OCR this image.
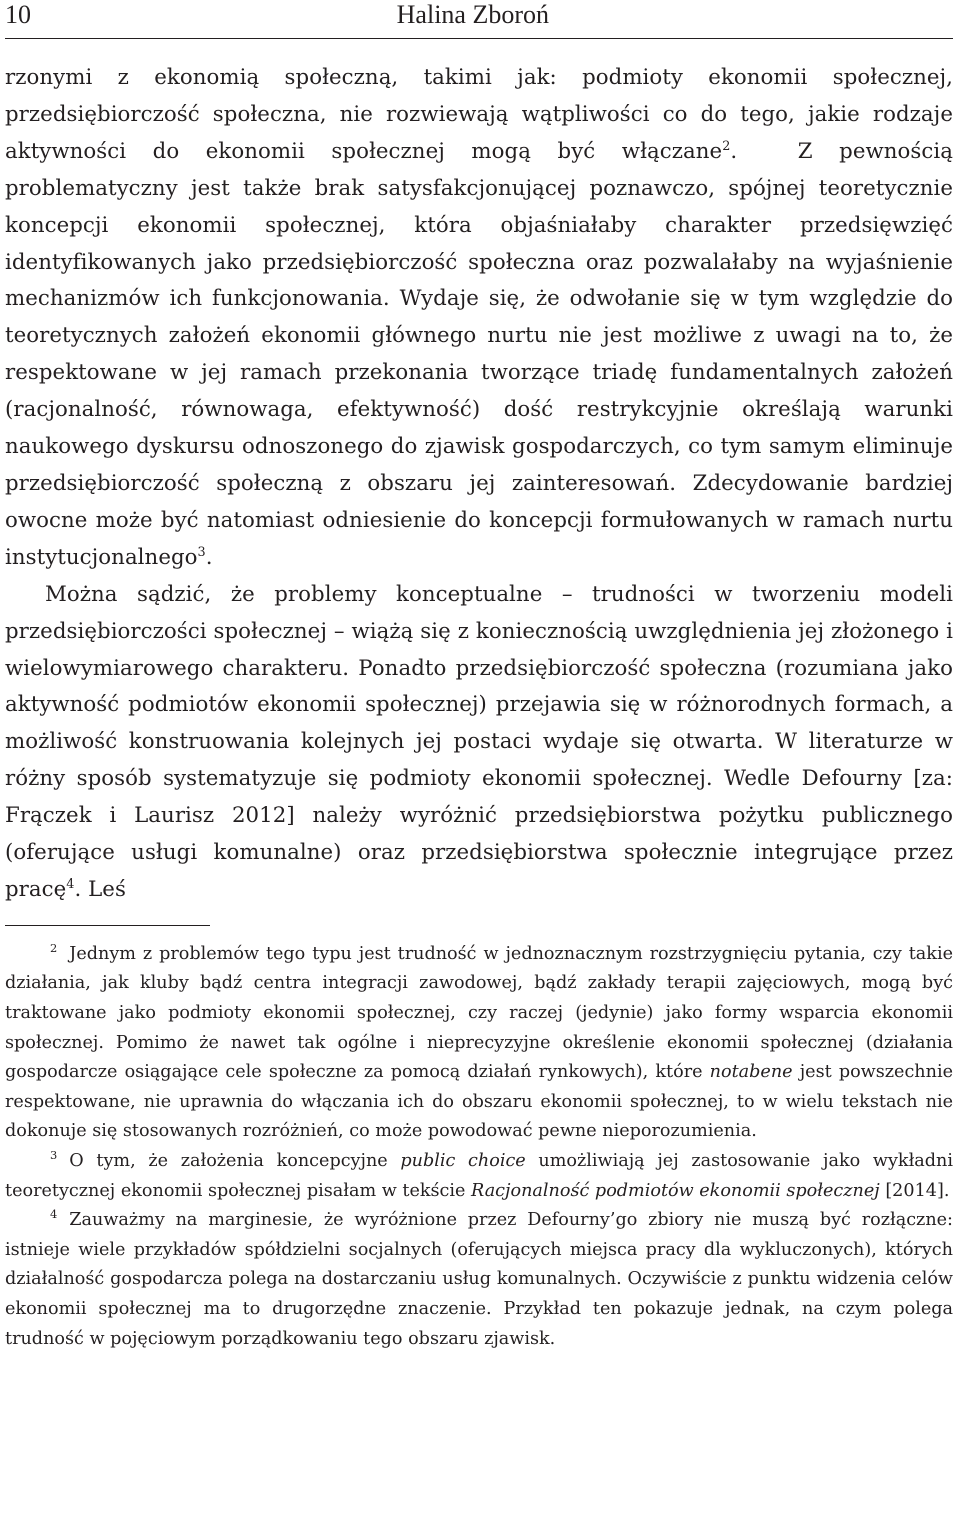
10	Halina Zboroń

rzonymi z ekonomią społeczną, takimi jak: podmioty ekonomii społecznej, przedsiębiorczość społeczna, nie rozwiewają wątpliwości co do tego, jakie rodzaje aktywności do ekonomii społecznej mogą być włączane$^2$.	Z pewnością problematyczny jest także brak satysfakcjonującej poznawczo, spójnej teoretycznie koncepcji ekonomii społecznej, która objaśniałaby charakter przedsięwzięć identyfikowanych jako przedsiębiorczość społeczna oraz pozwalałaby na wyjaśnienie mechanizmów ich funkcjonowania. Wydaje się, że odwołanie się w tym względzie do teoretycznych założeń ekonomii głównego nurtu nie jest możliwe z uwagi na to, że respektowane w jej ramach przekonania tworzące triadę fundamentalnych założeń (racjonalność, równowaga, efektywność) dość restrykcyjnie określają warunki naukowego dyskursu odnoszonego do zjawisk gospodarczych, co tym samym eliminuje przedsiębiorczość społeczną z obszaru jej zainteresowań. Zdecydowanie bardziej owocne może być natomiast odniesienie do koncepcji formułowanych w ramach nurtu instytucjonalnego$^3$.

Można sądzić, że problemy konceptualne – trudności w tworzeniu modeli przedsiębiorczości społecznej – wiążą się z koniecznością uwzględnienia jej złożonego i wielowymiarowego charakteru. Ponadto przedsiębiorczość społeczna (rozumiana jako aktywność podmiotów ekonomii społecznej) przejawia się w różnorodnych formach, a możliwość konstruowania kolejnych jej postaci wydaje się otwarta. W literaturze w różny sposób systematyzuje się podmioty ekonomii społecznej. Wedle Defourny [za: Frączek i Laurisz 2012] należy wyróżnić przedsiębiorstwa pożytku publicznego (oferujące usługi komunalne) oraz przedsiębiorstwa społecznie integrujące przez pracę$^4$. Leś

$^2$ Jednym z problemów tego typu jest trudność w jednoznacznym rozstrzygnięciu pytania, czy takie działania, jak kluby bądź centra integracji zawodowej, bądź zakłady terapii zajęciowych, mogą być traktowane jako podmioty ekonomii społecznej, czy raczej (jedynie) jako formy wsparcia ekonomii społecznej. Pomimo że nawet tak ogólne i nieprecyzyjne określenie ekonomii społecznej (działania gospodarcze osiągające cele społeczne za pomocą działań rynkowych), które notabene jest powszechnie respektowane, nie uprawnia do włączania ich do obszaru ekonomii społecznej, to w wielu tekstach nie dokonuje się stosowanych rozróżnień, co może powodować pewne nieporozumienia.

$^3$ O tym, że założenia koncepcyjne public choice umożliwiają jej zastosowanie jako wykładni teoretycznej ekonomii społecznej pisałam w tekście Racjonalność podmiotów ekonomii społecznej [2014].

$^4$ Zauważmy na marginesie, że wyróżnione przez Defourny’go zbiory nie muszą być rozłączne: istnieje wiele przykładów spółdzielni socjalnych (oferujących miejsca pracy dla wykluczonych), których działalność gospodarcza polega na dostarczaniu usług komunalnych. Oczywiście z punktu widzenia celów ekonomii społecznej ma to drugorzędne znaczenie. Przykład ten pokazuje jednak, na czym polega trudność w pojęciowym porządkowaniu tego obszaru zjawisk.
